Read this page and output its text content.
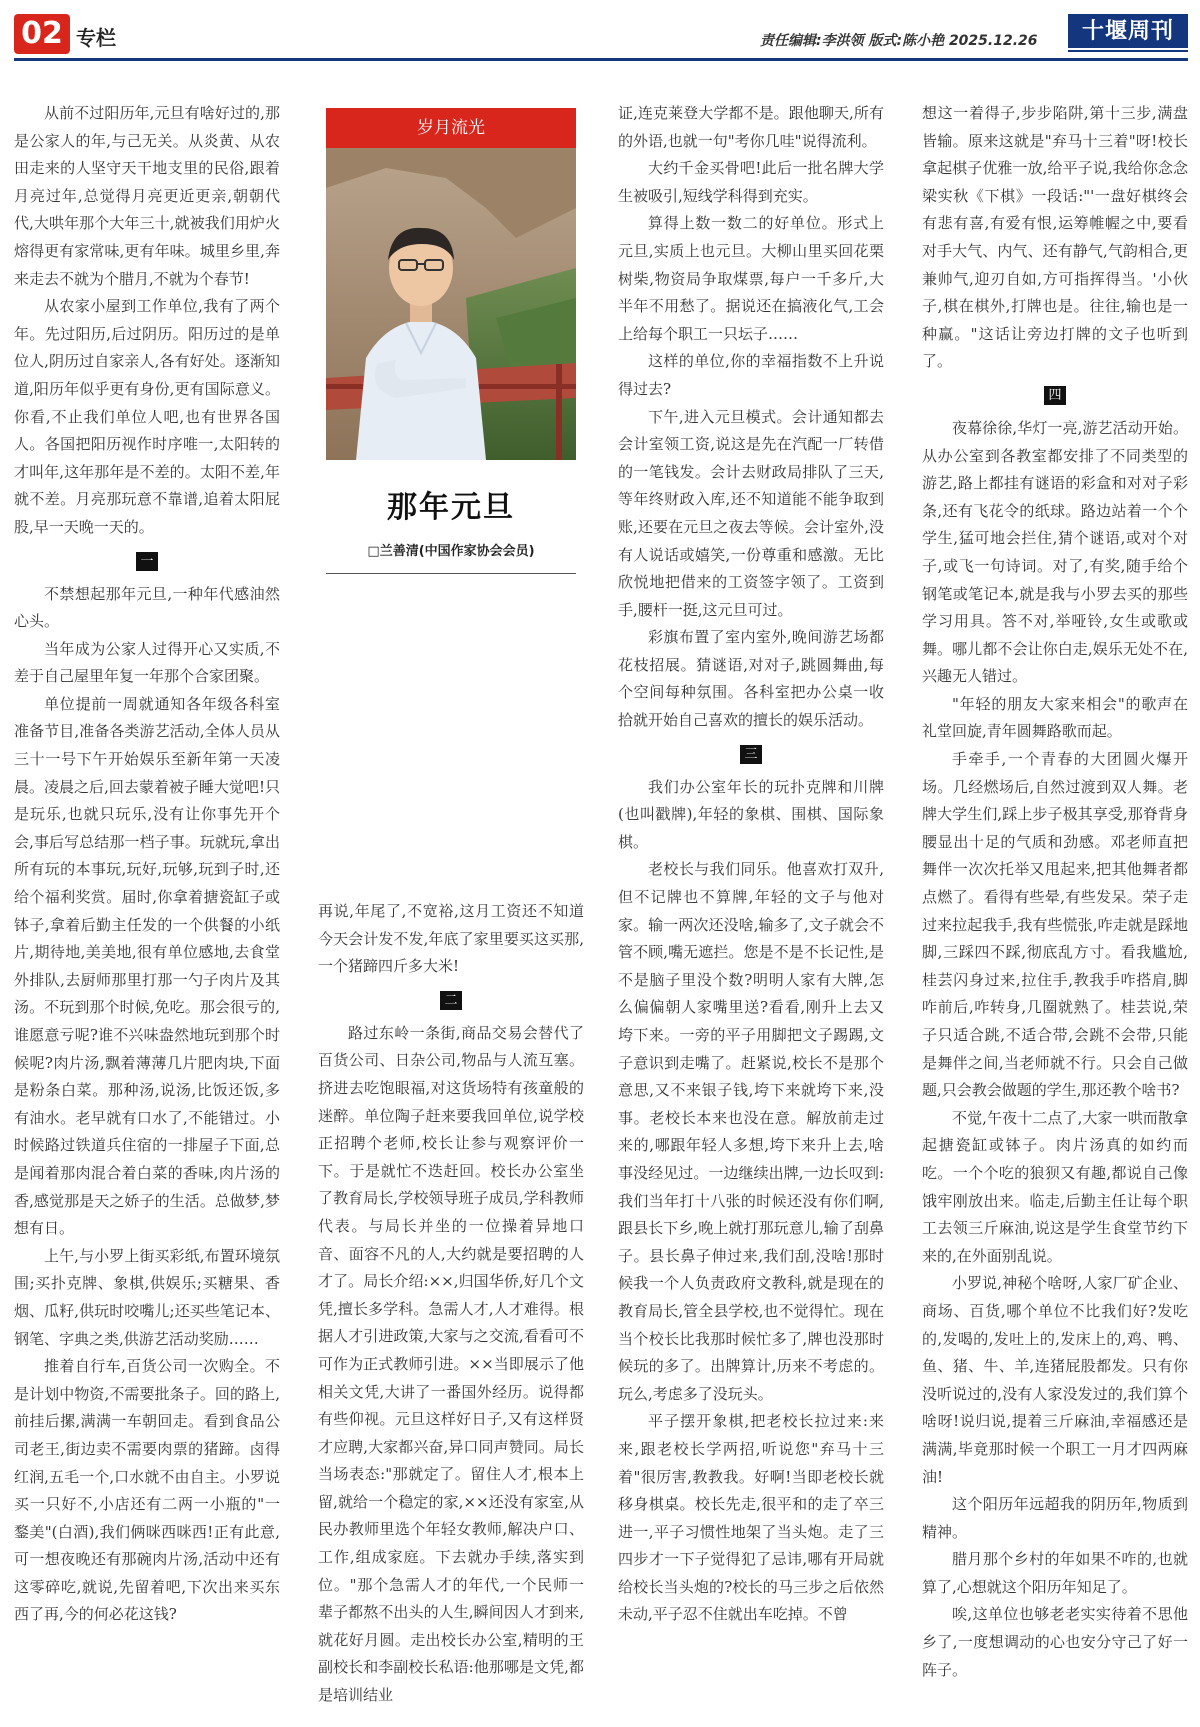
02 专栏	责任编辑:李洪领 版式:陈小艳 2025.12.26	十堰周刊

从前不过阳历年,元旦有啥好过的,那是公家人的年,与己无关。从炎黄、从农田走来的人坚守天干地支里的民俗,跟着月亮过年,总觉得月亮更近更亲,朝朝代代,大哄年那个大年三十,就被我们用炉火熔得更有家常味,更有年味。城里乡里,奔来走去不就为个腊月,不就为个春节!

从农家小屋到工作单位,我有了两个年。先过阳历,后过阴历。阳历过的是单位人,阴历过自家亲人,各有好处。逐渐知道,阳历年似乎更有身份,更有国际意义。你看,不止我们单位人吧,也有世界各国人。各国把阳历视作时序唯一,太阳转的才叫年,这年那年是不差的。太阳不差,年就不差。月亮那玩意不靠谱,追着太阳屁股,早一天晚一天的。

一

不禁想起那年元旦,一种年代感油然心头。

当年成为公家人过得开心又实质,不差于自己屋里年复一年那个合家团聚。

单位提前一周就通知各年级各科室准备节目,准备各类游艺活动,全体人员从三十一号下午开始娱乐至新年第一天凌晨。凌晨之后,回去蒙着被子睡大觉吧!只是玩乐,也就只玩乐,没有让你事先开个会,事后写总结那一档子事。玩就玩,拿出所有玩的本事玩,玩好,玩够,玩到子时,还给个福利奖赏。届时,你拿着搪瓷缸子或钵子,拿着后勤主任发的一个供餐的小纸片,期待地,美美地,很有单位感地,去食堂外排队,去厨师那里打那一勺子肉片及其汤。不玩到那个时候,免吃。那会很亏的,谁愿意亏呢?谁不兴味盎然地玩到那个时候呢?肉片汤,飘着薄薄几片肥肉块,下面是粉条白菜。那种汤,说汤,比饭还饭,多有油水。老早就有口水了,不能错过。小时候路过铁道兵住宿的一排屋子下面,总是闻着那肉混合着白菜的香味,肉片汤的香,感觉那是天之娇子的生活。总做梦,梦想有日。

上午,与小罗上街买彩纸,布置环境氛围;买扑克牌、象棋,供娱乐;买糖果、香烟、瓜籽,供玩时咬嘴儿;还买些笔记本、钢笔、字典之类,供游艺活动奖励……

推着自行车,百货公司一次购全。不是计划中物资,不需要批条子。回的路上,前挂后摞,满满一车朝回走。看到食品公司老王,街边卖不需要肉票的猪蹄。卤得红润,五毛一个,口水就不由自主。小罗说买一只好不,小店还有二两一小瓶的"一鍪美"(白酒),我们俩咪西咪西!正有此意,可一想夜晚还有那碗肉片汤,活动中还有这零碎吃,就说,先留着吧,下次出来买东西了再,今的何必花这钱?

岁月流光
那年元旦
□兰善清(中国作家协会会员)

再说,年尾了,不宽裕,这月工资还不知道今天会计发不发,年底了家里要买这买那,一个猪蹄四斤多大米!

二

路过东岭一条街,商品交易会替代了百货公司、日杂公司,物品与人流互塞。挤进去吃饱眼福,对这货场特有孩童般的迷醉。单位陶子赶来要我回单位,说学校正招聘个老师,校长让参与观察评价一下。于是就忙不迭赶回。校长办公室坐了教育局长,学校领导班子成员,学科教师代表。与局长并坐的一位操着异地口音、面容不凡的人,大约就是要招聘的人才了。局长介绍:××,归国华侨,好几个文凭,擅长多学科。急需人才,人才难得。根据人才引进政策,大家与之交流,看看可不可作为正式教师引进。××当即展示了他相关文凭,大讲了一番国外经历。说得都有些仰视。元旦这样好日子,又有这样贤才应聘,大家都兴奋,异口同声赞同。局长当场表态:"那就定了。留住人才,根本上留,就给一个稳定的家,××还没有家室,从民办教师里选个年轻女教师,解决户口、工作,组成家庭。下去就办手续,落实到位。"那个急需人才的年代,一个民师一辈子都熬不出头的人生,瞬间因人才到来,就花好月圆。走出校长办公室,精明的王副校长和李副校长私语:他那哪是文凭,都是培训结业

证,连克莱登大学都不是。跟他聊天,所有的外语,也就一句"考你几哇"说得流利。

大约千金买骨吧!此后一批名牌大学生被吸引,短线学科得到充实。

算得上数一数二的好单位。形式上元旦,实质上也元旦。大柳山里买回花栗树柴,物资局争取煤票,每户一千多斤,大半年不用愁了。据说还在搞液化气,工会上给每个职工一只坛子……

这样的单位,你的幸福指数不上升说得过去?

下午,进入元旦模式。会计通知都去会计室领工资,说这是先在汽配一厂转借的一笔钱发。会计去财政局排队了三天,等年终财政入库,还不知道能不能争取到账,还要在元旦之夜去等候。会计室外,没有人说话或嬉笑,一份尊重和感激。无比欣悦地把借来的工资签字领了。工资到手,腰杆一挺,这元旦可过。

彩旗布置了室内室外,晚间游艺场都花枝招展。猜谜语,对对子,跳圆舞曲,每个空间每种氛围。各科室把办公桌一收拾就开始自己喜欢的擅长的娱乐活动。

三

我们办公室年长的玩扑克牌和川牌(也叫戳牌),年轻的象棋、围棋、国际象棋。

老校长与我们同乐。他喜欢打双升,但不记牌也不算牌,年轻的文子与他对家。输一两次还没啥,输多了,文子就会不管不顾,嘴无遮拦。您是不是不长记性,是不是脑子里没个数?明明人家有大牌,怎么偏偏朝人家嘴里送?看看,刚升上去又垮下来。一旁的平子用脚把文子踢踢,文子意识到走嘴了。赶紧说,校长不是那个意思,又不来银子钱,垮下来就垮下来,没事。老校长本来也没在意。解放前走过来的,哪跟年轻人多想,垮下来升上去,啥事没经见过。一边继续出牌,一边长叹到:我们当年打十八张的时候还没有你们啊,跟县长下乡,晚上就打那玩意儿,输了刮鼻子。县长鼻子伸过来,我们刮,没啥!那时候我一个人负责政府文教科,就是现在的教育局长,管全县学校,也不觉得忙。现在当个校长比我那时候忙多了,牌也没那时候玩的多了。出牌算计,历来不考虑的。玩么,考虑多了没玩头。

平子摆开象棋,把老校长拉过来:来来,跟老校长学两招,听说您"弃马十三着"很厉害,教教我。好啊!当即老校长就移身棋桌。校长先走,很平和的走了卒三进一,平子习惯性地架了当头炮。走了三四步才一下子觉得犯了忌讳,哪有开局就给校长当头炮的?校长的马三步之后依然未动,平子忍不住就出车吃掉。不曾

想这一着得子,步步陷阱,第十三步,满盘皆输。原来这就是"弃马十三着"呀!校长拿起棋子优雅一放,给平子说,我给你念念梁实秋《下棋》一段话:"'一盘好棋终会有悲有喜,有爱有恨,运筹帷幄之中,要看对手大气、内气、还有静气,气韵相合,更兼帅气,迎刃自如,方可指挥得当。'小伙子,棋在棋外,打牌也是。往往,输也是一种赢。"这话让旁边打牌的文子也听到了。

四

夜幕徐徐,华灯一亮,游艺活动开始。从办公室到各教室都安排了不同类型的游艺,路上都挂有谜语的彩盒和对对子彩条,还有飞花令的纸球。路边站着一个个学生,猛可地会拦住,猜个谜语,或对个对子,或飞一句诗词。对了,有奖,随手给个钢笔或笔记本,就是我与小罗去买的那些学习用具。答不对,举哑铃,女生或歌或舞。哪儿都不会让你白走,娱乐无处不在,兴趣无人错过。

"年轻的朋友大家来相会"的歌声在礼堂回旋,青年圆舞路歌而起。

手牵手,一个青春的大团圆火爆开场。几经燃场后,自然过渡到双人舞。老牌大学生们,踩上步子极其享受,那脊背身腰显出十足的气质和劲感。邓老师直把舞伴一次次托举又甩起来,把其他舞者都点燃了。看得有些晕,有些发呆。荣子走过来拉起我手,我有些慌张,咋走就是踩地脚,三踩四不踩,彻底乱方寸。看我尴尬,桂芸闪身过来,拉住手,教我手咋搭肩,脚咋前后,咋转身,几圈就熟了。桂芸说,荣子只适合跳,不适合带,会跳不会带,只能是舞伴之间,当老师就不行。只会自己做题,只会教会做题的学生,那还教个啥书?

不觉,午夜十二点了,大家一哄而散拿起搪瓷缸或钵子。肉片汤真的如约而吃。一个个吃的狼狈又有趣,都说自己像饿牢刚放出来。临走,后勤主任让每个职工去领三斤麻油,说这是学生食堂节约下来的,在外面别乱说。

小罗说,神秘个啥呀,人家厂矿企业、商场、百货,哪个单位不比我们好?发吃的,发喝的,发吐上的,发床上的,鸡、鸭、鱼、猪、牛、羊,连猪屁股都发。只有你没听说过的,没有人家没发过的,我们算个啥呀!说归说,提着三斤麻油,幸福感还是满满,毕竟那时候一个职工一月才四两麻油!

这个阳历年远超我的阴历年,物质到精神。

腊月那个乡村的年如果不咋的,也就算了,心想就这个阳历年知足了。

唉,这单位也够老老实实待着不思他乡了,一度想调动的心也安分守己了好一阵子。
